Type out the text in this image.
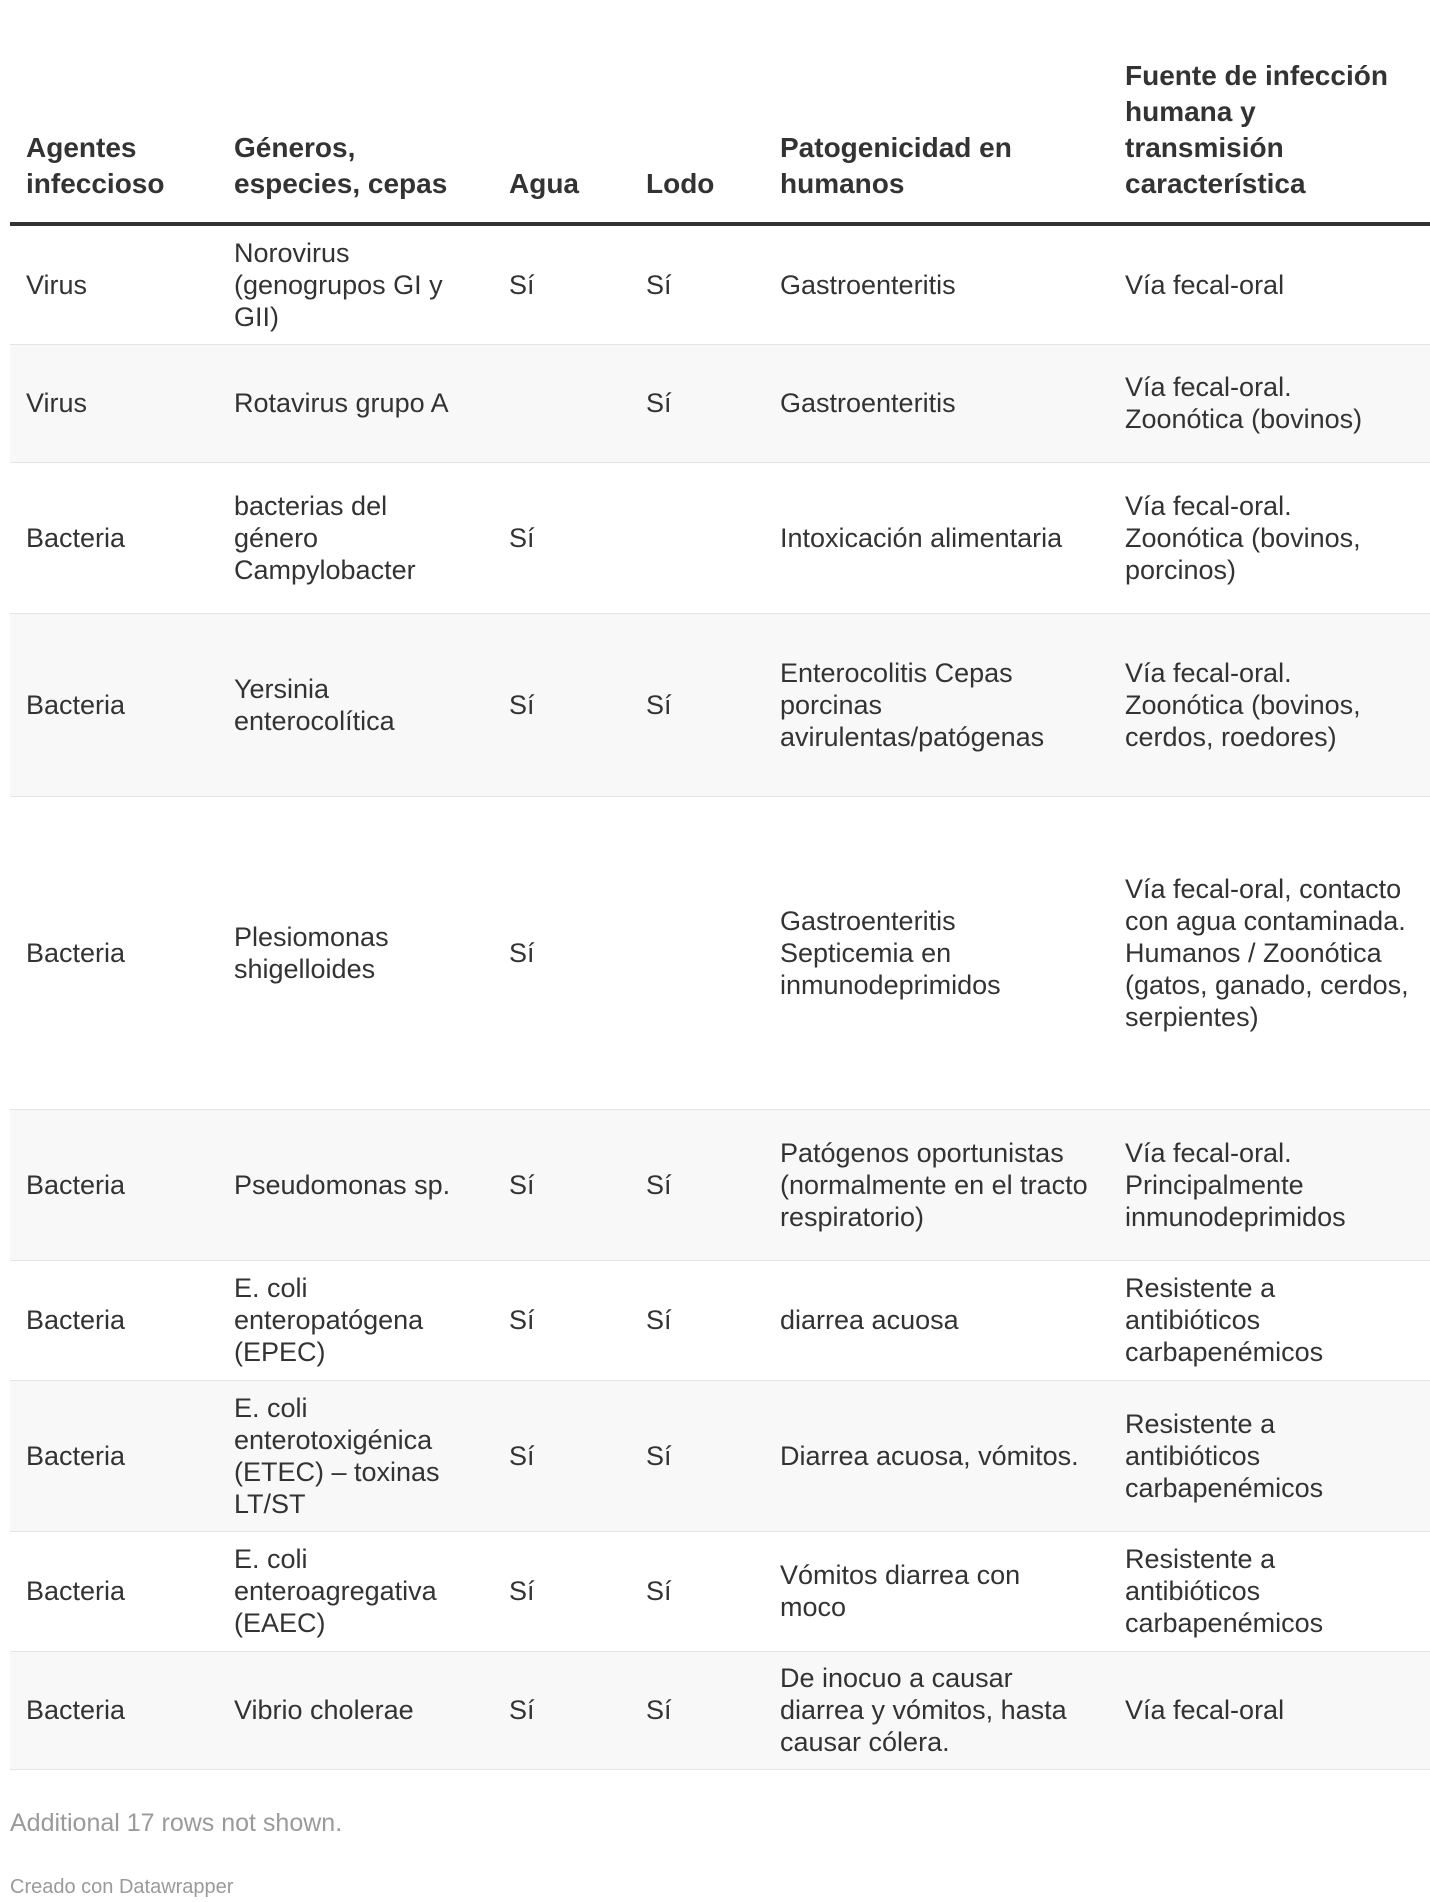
Agentes infeccioso	Géneros, especies, cepas	Agua	Lodo	Patogenicidad en humanos	Fuente de infección humana y transmisión característica
Virus	Norovirus (genogrupos GI y GII)	Sí	Sí	Gastroenteritis	Vía fecal-oral
Virus	Rotavirus grupo A		Sí	Gastroenteritis	Vía fecal-oral. Zoonótica (bovinos)
Bacteria	bacterias del género Campylobacter	Sí		Intoxicación alimentaria	Vía fecal-oral. Zoonótica (bovinos, porcinos)
Bacteria	Yersinia enterocolítica	Sí	Sí	Enterocolitis Cepas porcinas avirulentas/patógenas	Vía fecal-oral. Zoonótica (bovinos, cerdos, roedores)
Bacteria	Plesiomonas shigelloides	Sí		Gastroenteritis Septicemia en inmunodeprimidos	Vía fecal-oral, contacto con agua contaminada. Humanos / Zoonótica (gatos, ganado, cerdos, serpientes)
Bacteria	Pseudomonas sp.	Sí	Sí	Patógenos oportunistas (normalmente en el tracto respiratorio)	Vía fecal-oral. Principalmente inmunodeprimidos
Bacteria	E. coli enteropatógena (EPEC)	Sí	Sí	diarrea acuosa	Resistente a antibióticos carbapenémicos
Bacteria	E. coli enterotoxigénica (ETEC) – toxinas LT/ST	Sí	Sí	Diarrea acuosa, vómitos.	Resistente a antibióticos carbapenémicos
Bacteria	E. coli enteroagregativa (EAEC)	Sí	Sí	Vómitos diarrea con moco	Resistente a antibióticos carbapenémicos
Bacteria	Vibrio cholerae	Sí	Sí	De inocuo a causar diarrea y vómitos, hasta causar cólera.	Vía fecal-oral
Additional 17 rows not shown.
Creado con Datawrapper
